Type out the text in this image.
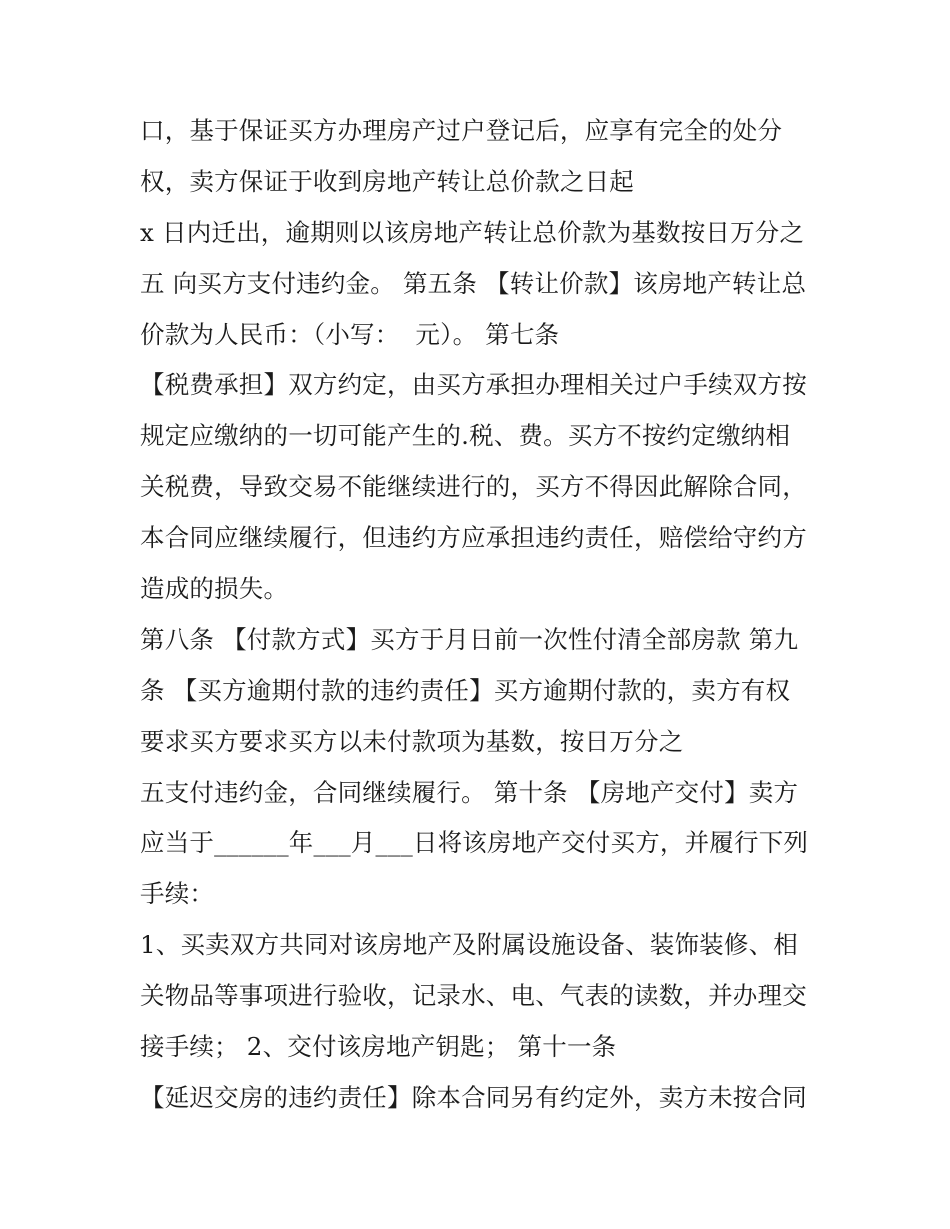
口，基于保证买方办理房产过户登记后，应享有完全的处分
权，卖方保证于收到房地产转让总价款之日起
x 日内迁出，逾期则以该房地产转让总价款为基数按日万分之
五 向买方支付违约金。 第五条 【转让价款】该房地产转让总
价款为人民币：（小写：  元）。 第七条
【税费承担】双方约定，由买方承担办理相关过户手续双方按
规定应缴纳的一切可能产生的.税、费。买方不按约定缴纳相
关税费，导致交易不能继续进行的，买方不得因此解除合同，
本合同应继续履行，但违约方应承担违约责任，赔偿给守约方
造成的损失。
第八条 【付款方式】买方于月日前一次性付清全部房款 第九
条 【买方逾期付款的违约责任】买方逾期付款的，卖方有权
要求买方要求买方以未付款项为基数，按日万分之
五支付违约金，合同继续履行。 第十条 【房地产交付】卖方
应当于______年___月___日将该房地产交付买方，并履行下列
手续：
1、买卖双方共同对该房地产及附属设施设备、装饰装修、相
关物品等事项进行验收，记录水、电、气表的读数，并办理交
接手续； 2、交付该房地产钥匙； 第十一条
【延迟交房的违约责任】除本合同另有约定外，卖方未按合同
